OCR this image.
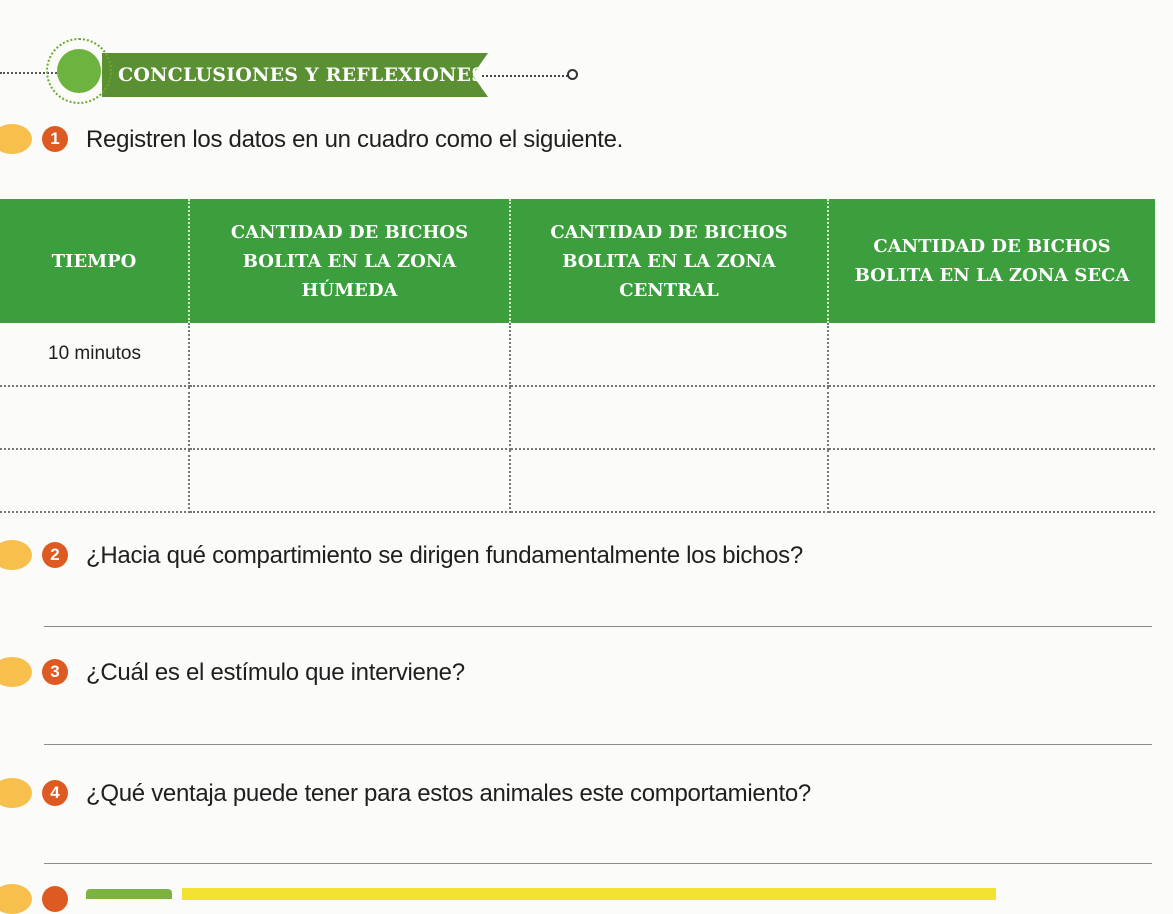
CONCLUSIONES Y REFLEXIONES
1	Registren los datos en un cuadro como el siguiente.
TIEMPO	CANTIDAD DE BICHOS BOLITA EN LA ZONA HÚMEDA	CANTIDAD DE BICHOS BOLITA EN LA ZONA CENTRAL	CANTIDAD DE BICHOS BOLITA EN LA ZONA SECA
10 minutos			

2	¿Hacia qué compartimiento se dirigen fundamentalmente los bichos?
3	¿Cuál es el estímulo que interviene?
4	¿Qué ventaja puede tener para estos animales este comportamiento?
